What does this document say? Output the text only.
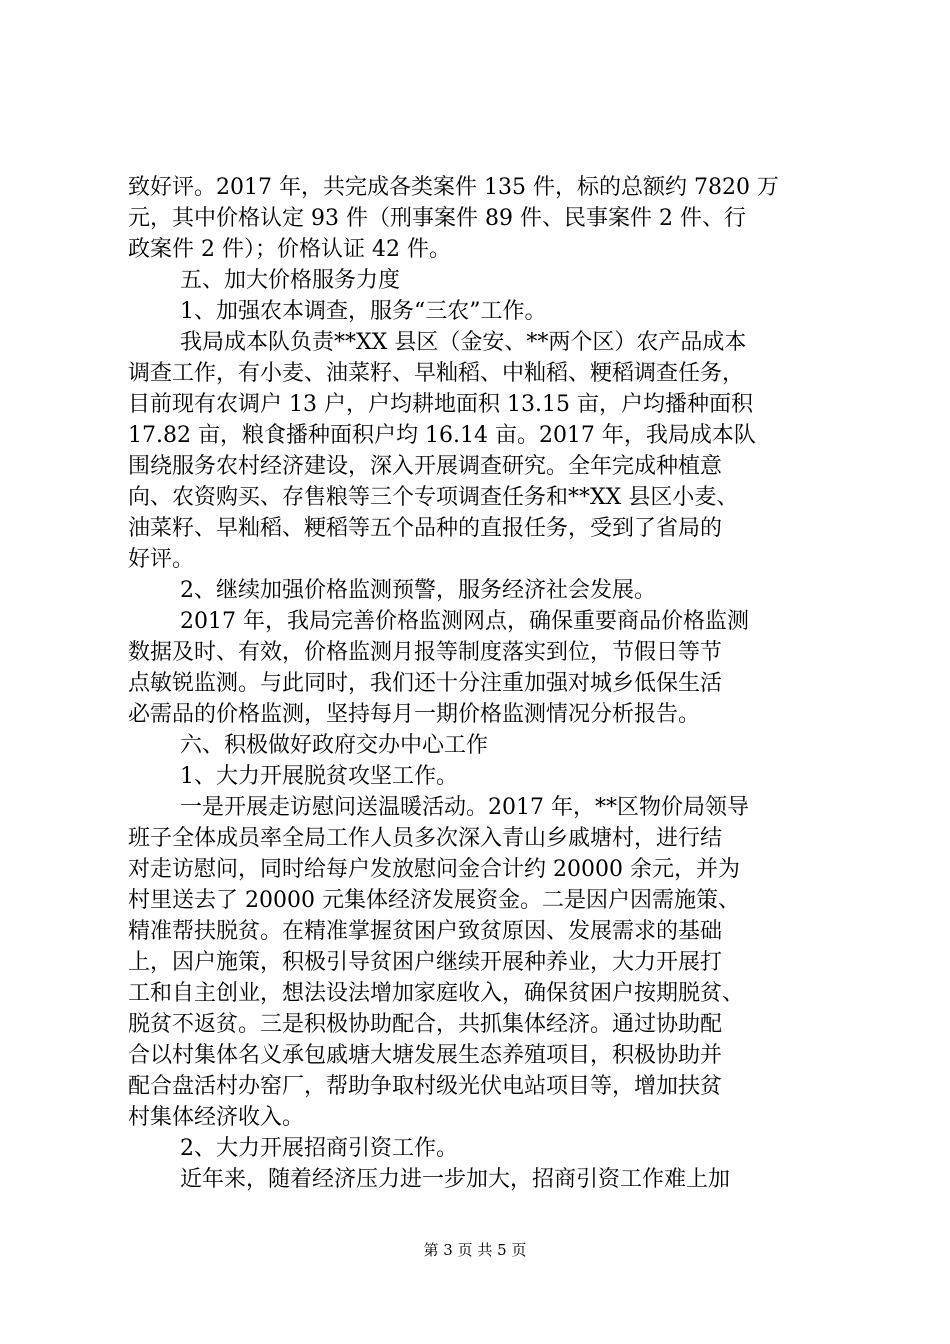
致好评。2017 年，共完成各类案件 135 件，标的总额约 7820 万
元，其中价格认定 93 件（刑事案件 89 件、民事案件 2 件、行
政案件 2 件）；价格认证 42 件。
五、加大价格服务力度
1、加强农本调查，服务“三农”工作。
我局成本队负责**XX 县区（金安、**两个区）农产品成本
调查工作，有小麦、油菜籽、早籼稻、中籼稻、粳稻调查任务，
目前现有农调户 13 户，户均耕地面积 13.15 亩，户均播种面积
17.82 亩，粮食播种面积户均 16.14 亩。2017 年，我局成本队
围绕服务农村经济建设，深入开展调查研究。全年完成种植意
向、农资购买、存售粮等三个专项调查任务和**XX 县区小麦、
油菜籽、早籼稻、粳稻等五个品种的直报任务，受到了省局的
好评。
2、继续加强价格监测预警，服务经济社会发展。
2017 年，我局完善价格监测网点，确保重要商品价格监测
数据及时、有效，价格监测月报等制度落实到位，节假日等节
点敏锐监测。与此同时，我们还十分注重加强对城乡低保生活
必需品的价格监测，坚持每月一期价格监测情况分析报告。
六、积极做好政府交办中心工作
1、大力开展脱贫攻坚工作。
一是开展走访慰问送温暖活动。2017 年，**区物价局领导
班子全体成员率全局工作人员多次深入青山乡戚塘村，进行结
对走访慰问，同时给每户发放慰问金合计约 20000 余元，并为
村里送去了 20000 元集体经济发展资金。二是因户因需施策、
精准帮扶脱贫。在精准掌握贫困户致贫原因、发展需求的基础
上，因户施策，积极引导贫困户继续开展种养业，大力开展打
工和自主创业，想法设法增加家庭收入，确保贫困户按期脱贫、
脱贫不返贫。三是积极协助配合，共抓集体经济。通过协助配
合以村集体名义承包戚塘大塘发展生态养殖项目，积极协助并
配合盘活村办窑厂，帮助争取村级光伏电站项目等，增加扶贫
村集体经济收入。
2、大力开展招商引资工作。
近年来，随着经济压力进一步加大，招商引资工作难上加
第 3 页 共 5 页
